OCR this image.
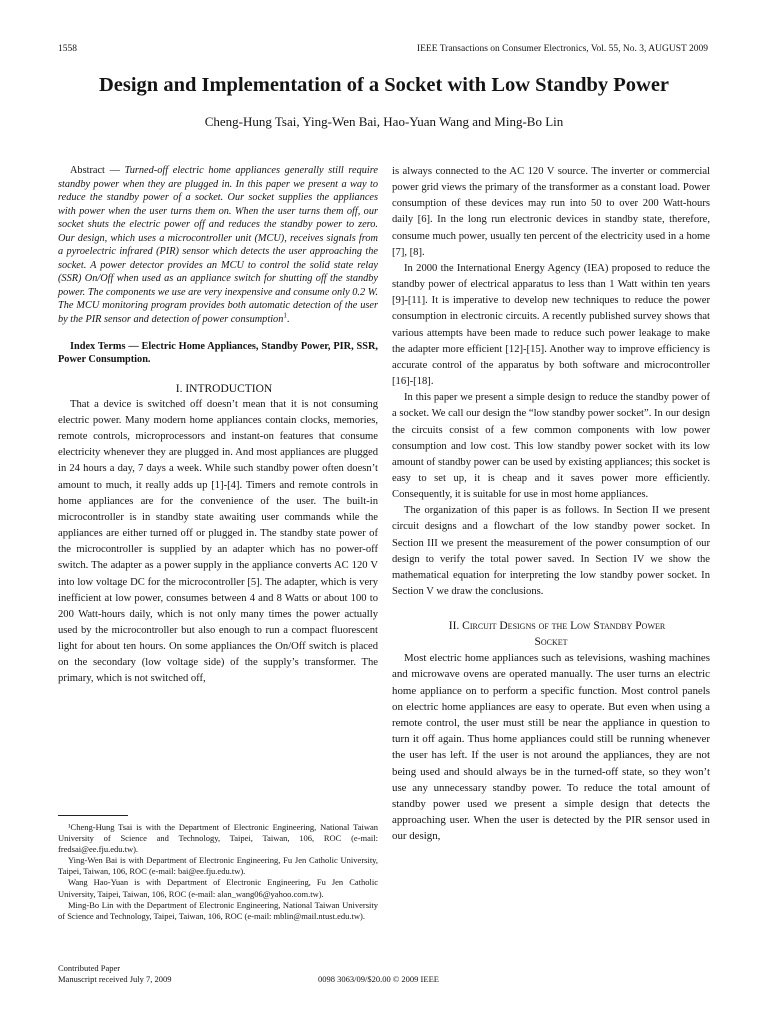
1558	IEEE Transactions on Consumer Electronics, Vol. 55, No. 3, AUGUST 2009
Design and Implementation of a Socket with Low Standby Power
Cheng-Hung Tsai, Ying-Wen Bai, Hao-Yuan Wang and Ming-Bo Lin

Abstract — Turned-off electric home appliances generally still require standby power when they are plugged in. In this paper we present a way to reduce the standby power of a socket. Our socket supplies the appliances with power when the user turns them on. When the user turns them off, our socket shuts the electric power off and reduces the standby power to zero. Our design, which uses a microcontroller unit (MCU), receives signals from a pyroelectric infrared (PIR) sensor which detects the user approaching the socket. A power detector provides an MCU to control the solid state relay (SSR) On/Off when used as an appliance switch for shutting off the standby power. The components we use are very inexpensive and consume only 0.2 W. The MCU monitoring program provides both automatic detection of the user by the PIR sensor and detection of power consumption$^1$.

Index Terms — Electric Home Appliances, Standby Power, PIR, SSR, Power Consumption.

I. INTRODUCTION

That a device is switched off doesn’t mean that it is not consuming electric power. Many modern home appliances contain clocks, memories, remote controls, microprocessors and instant-on features that consume electricity whenever they are plugged in. And most appliances are plugged in 24 hours a day, 7 days a week. While such standby power often doesn’t amount to much, it really adds up [1]-[4]. Timers and remote controls in home appliances are for the convenience of the user. The built-in microcontroller is in standby state awaiting user commands while the appliances are either turned off or plugged in. The standby state power of the microcontroller is supplied by an adapter which has no power-off switch. The adapter as a power supply in the appliance converts AC 120 V into low voltage DC for the microcontroller [5]. The adapter, which is very inefficient at low power, consumes between 4 and 8 Watts or about 100 to 200 Watt-hours daily, which is not only many times the power actually used by the microcontroller but also enough to run a compact fluorescent light for about ten hours. On some appliances the On/Off switch is placed on the secondary (low voltage side) of the supply’s transformer. The primary, which is not switched off,

¹Cheng-Hung Tsai is with the Department of Electronic Engineering, National Taiwan University of Science and Technology, Taipei, Taiwan, 106, ROC (e-mail: fredsai@ee.fju.edu.tw).

Ying-Wen Bai is with Department of Electronic Engineering, Fu Jen Catholic University, Taipei, Taiwan, 106, ROC (e-mail: bai@ee.fju.edu.tw).

Wang Hao-Yuan is with Department of Electronic Engineering, Fu Jen Catholic University, Taipei, Taiwan, 106, ROC (e-mail: alan_wang06@yahoo.com.tw).

Ming-Bo Lin with the Department of Electronic Engineering, National Taiwan University of Science and Technology, Taipei, Taiwan, 106, ROC (e-mail: mblin@mail.ntust.edu.tw).

Contributed Paper
Manuscript received July 7, 2009	0098 3063/09/$20.00 © 2009 IEEE

is always connected to the AC 120 V source. The inverter or commercial power grid views the primary of the transformer as a constant load. Power consumption of these devices may run into 50 to over 200 Watt-hours daily [6]. In the long run electronic devices in standby state, therefore, consume much power, usually ten percent of the electricity used in a home [7], [8].

In 2000 the International Energy Agency (IEA) proposed to reduce the standby power of electrical apparatus to less than 1 Watt within ten years [9]-[11]. It is imperative to develop new techniques to reduce the power consumption in electronic circuits. A recently published survey shows that various attempts have been made to reduce such power leakage to make the adapter more efficient [12]-[15]. Another way to improve efficiency is accurate control of the apparatus by both software and microcontroller [16]-[18].

In this paper we present a simple design to reduce the standby power of a socket. We call our design the “low standby power socket”. In our design the circuits consist of a few common components with low power consumption and low cost. This low standby power socket with its low amount of standby power can be used by existing appliances; this socket is easy to set up, it is cheap and it saves power more efficiently. Consequently, it is suitable for use in most home appliances.

The organization of this paper is as follows. In Section II we present circuit designs and a flowchart of the low standby power socket. In Section III we present the measurement of the power consumption of our design to verify the total power saved. In Section IV we show the mathematical equation for interpreting the low standby power socket. In Section V we draw the conclusions.

II. Circuit Designs of the Low Standby Power
Socket

Most electric home appliances such as televisions, washing machines and microwave ovens are operated manually. The user turns an electric home appliance on to perform a specific function. Most control panels on electric home appliances are easy to operate. But even when using a remote control, the user must still be near the appliance in question to turn it off again. Thus home appliances could still be running whenever the user has left. If the user is not around the appliances, they are not being used and should always be in the turned-off state, so they won’t use any unnecessary standby power. To reduce the total amount of standby power used we present a simple design that detects the approaching user. When the user is detected by the PIR sensor used in our design,
